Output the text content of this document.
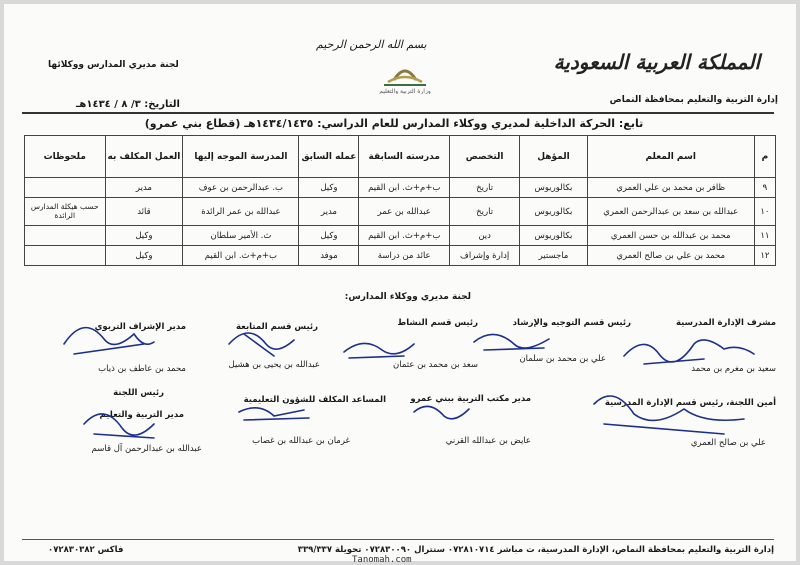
المملكة العربية السعودية
إدارة التربية والتعليم بمحافظة النماص
بسم الله الرحمن الرحيم
وزارة التربية والتعليم
لجنة مديري المدارس ووكلائها
التاريخ: ٣/ ٨ / ١٤٣٤هـ
تابع: الحركة الداخلية لمديري ووكلاء المدارس للعام الدراسي: ١٤٣٤/١٤٣٥هـ (قطاع بني عمرو)
م	اسم المعلم	المؤهل	التخصص	مدرسته السابقة	عمله السابق	المدرسة الموجه إليها	العمل المكلف به	ملحوظات
٩	ظافر بن محمد بن علي العمري	بكالوريوس	تاريخ	ب+م+ث. ابن القيم	وكيل	ب. عبدالرحمن بن عوف	مدير	
١٠	عبدالله بن سعد بن عبدالرحمن العمري	بكالوريوس	تاريخ	عبدالله بن عمر	مدير	عبدالله بن عمر الرائدة	قائد	حسب هيكلة المدارس الرائدة
١١	محمد بن عبدالله بن حسن العمري	بكالوريوس	دين	ب+م+ث. ابن القيم	وكيل	ث. الأمير سلطان	وكيل	
١٢	محمد بن علي بن صالح العمري	ماجستير	إدارة وإشراف	عائد من دراسة	موفد	ب+م+ث. ابن القيم	وكيل	
لجنة مديري ووكلاء المدارس:
مشرف الإدارة المدرسية
سعيد بن مغرم بن محمد
رئيس قسم التوجيه والإرشاد
علي بن محمد بن سلمان
رئيس قسم النشاط
سعد بن محمد بن عثمان
رئيس قسم المتابعة
عبدالله بن يحيى بن هشيل
مدير الإشراف التربوي
محمد بن عاطف بن ذياب
أمين اللجنة، رئيس قسم الإدارة المدرسية
علي بن صالح العمري
مدير مكتب التربية ببني عمرو
عايض بن عبدالله القرني
المساعد المكلف للشؤون التعليمية
غرمان بن عبدالله بن غصاب
رئيس اللجنة
مدير التربية والتعليم
عبدالله بن عبدالرحمن آل قاسم
إدارة التربية والتعليم بمحافظة النماص، الإدارة المدرسية، ت مباشر ٠٧٢٨١٠٧١٤ سنترال ٠٧٢٨٣٠٠٩٠ تحويلة ٣٣٩/٣٣٧
فاكس ٠٧٢٨٣٠٣٨٢
Tanomah.com
